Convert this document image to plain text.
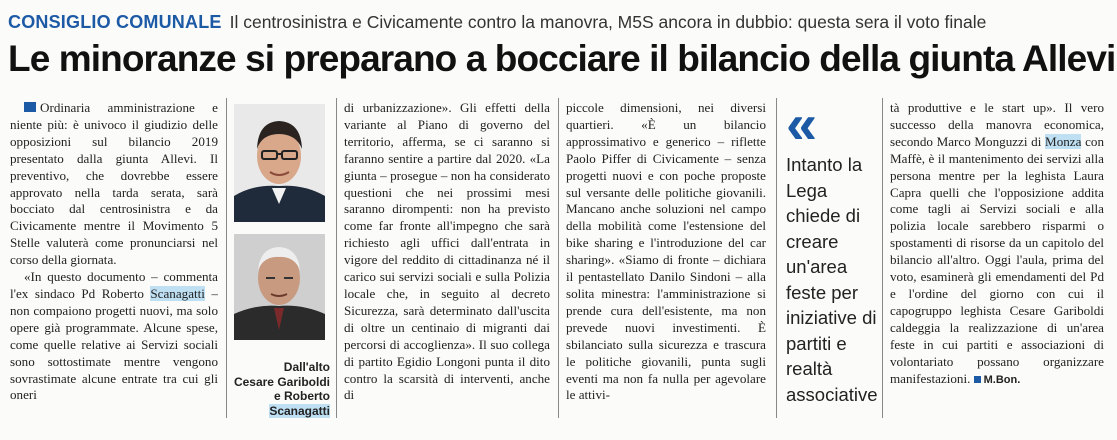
CONSIGLIO COMUNALE Il centrosinistra e Civicamente contro la manovra, M5S ancora in dubbio: questa sera il voto finale
Le minoranze si preparano a bocciare il bilancio della giunta Allevi

Ordinaria amministrazione e niente più: è univoco il giudizio delle opposizioni sul bilancio 2019 presentato dalla giunta Allevi. Il preventivo, che dovrebbe essere approvato nella tarda serata, sarà bocciato dal centrosinistra e da Civicamente mentre il Movimento 5 Stelle valuterà come pronunciarsi nel corso della giornata.

«In questo documento – commenta l'ex sindaco Pd Roberto Scanagatti – non compaiono progetti nuovi, ma solo opere già programmate. Alcune spese, come quelle relative ai Servizi sociali sono sottostimate mentre vengono sovrastimate alcune entrate tra cui gli oneri

Dall'alto
Cesare Gariboldi
e Roberto
Scanagatti

di urbanizzazione». Gli effetti della variante al Piano di governo del territorio, afferma, se ci saranno si faranno sentire a partire dal 2020. «La giunta – prosegue – non ha considerato questioni che nei prossimi mesi saranno dirompenti: non ha previsto come far fronte all'impegno che sarà richiesto agli uffici dall'entrata in vigore del reddito di cittadinanza né il carico sui servizi sociali e sulla Polizia locale che, in seguito al decreto Sicurezza, sarà determinato dall'uscita di oltre un centinaio di migranti dai percorsi di accoglienza». Il suo collega di partito Egidio Longoni punta il dito contro la scarsità di interventi, anche di

piccole dimensioni, nei diversi quartieri. «È un bilancio approssimativo e generico – riflette Paolo Piffer di Civicamente – senza progetti nuovi e con poche proposte sul versante delle politiche giovanili. Mancano anche soluzioni nel campo della mobilità come l'estensione del bike sharing e l'introduzione del car sharing». «Siamo di fronte – dichiara il pentastellato Danilo Sindoni – alla solita minestra: l'amministrazione si prende cura dell'esistente, ma non prevede nuovi investimenti. È sbilanciato sulla sicurezza e trascura le politiche giovanili, punta sugli eventi ma non fa nulla per agevolare le attivi-

«
Intanto la Lega chiede di creare un'area feste per iniziative di partiti e realtà associative

tà produttive e le start up». Il vero successo della manovra economica, secondo Marco Monguzzi di Monza con Maffè, è il mantenimento dei servizi alla persona mentre per la leghista Laura Capra quelli che l'opposizione addita come tagli ai Servizi sociali e alla polizia locale sarebbero risparmi o spostamenti di risorse da un capitolo del bilancio all'altro. Oggi l'aula, prima del voto, esaminerà gli emendamenti del Pd e l'ordine del giorno con cui il capogruppo leghista Cesare Gariboldi caldeggia la realizzazione di un'area feste in cui partiti e associazioni di volontariato possano organizzare manifestazioni. M.Bon.
